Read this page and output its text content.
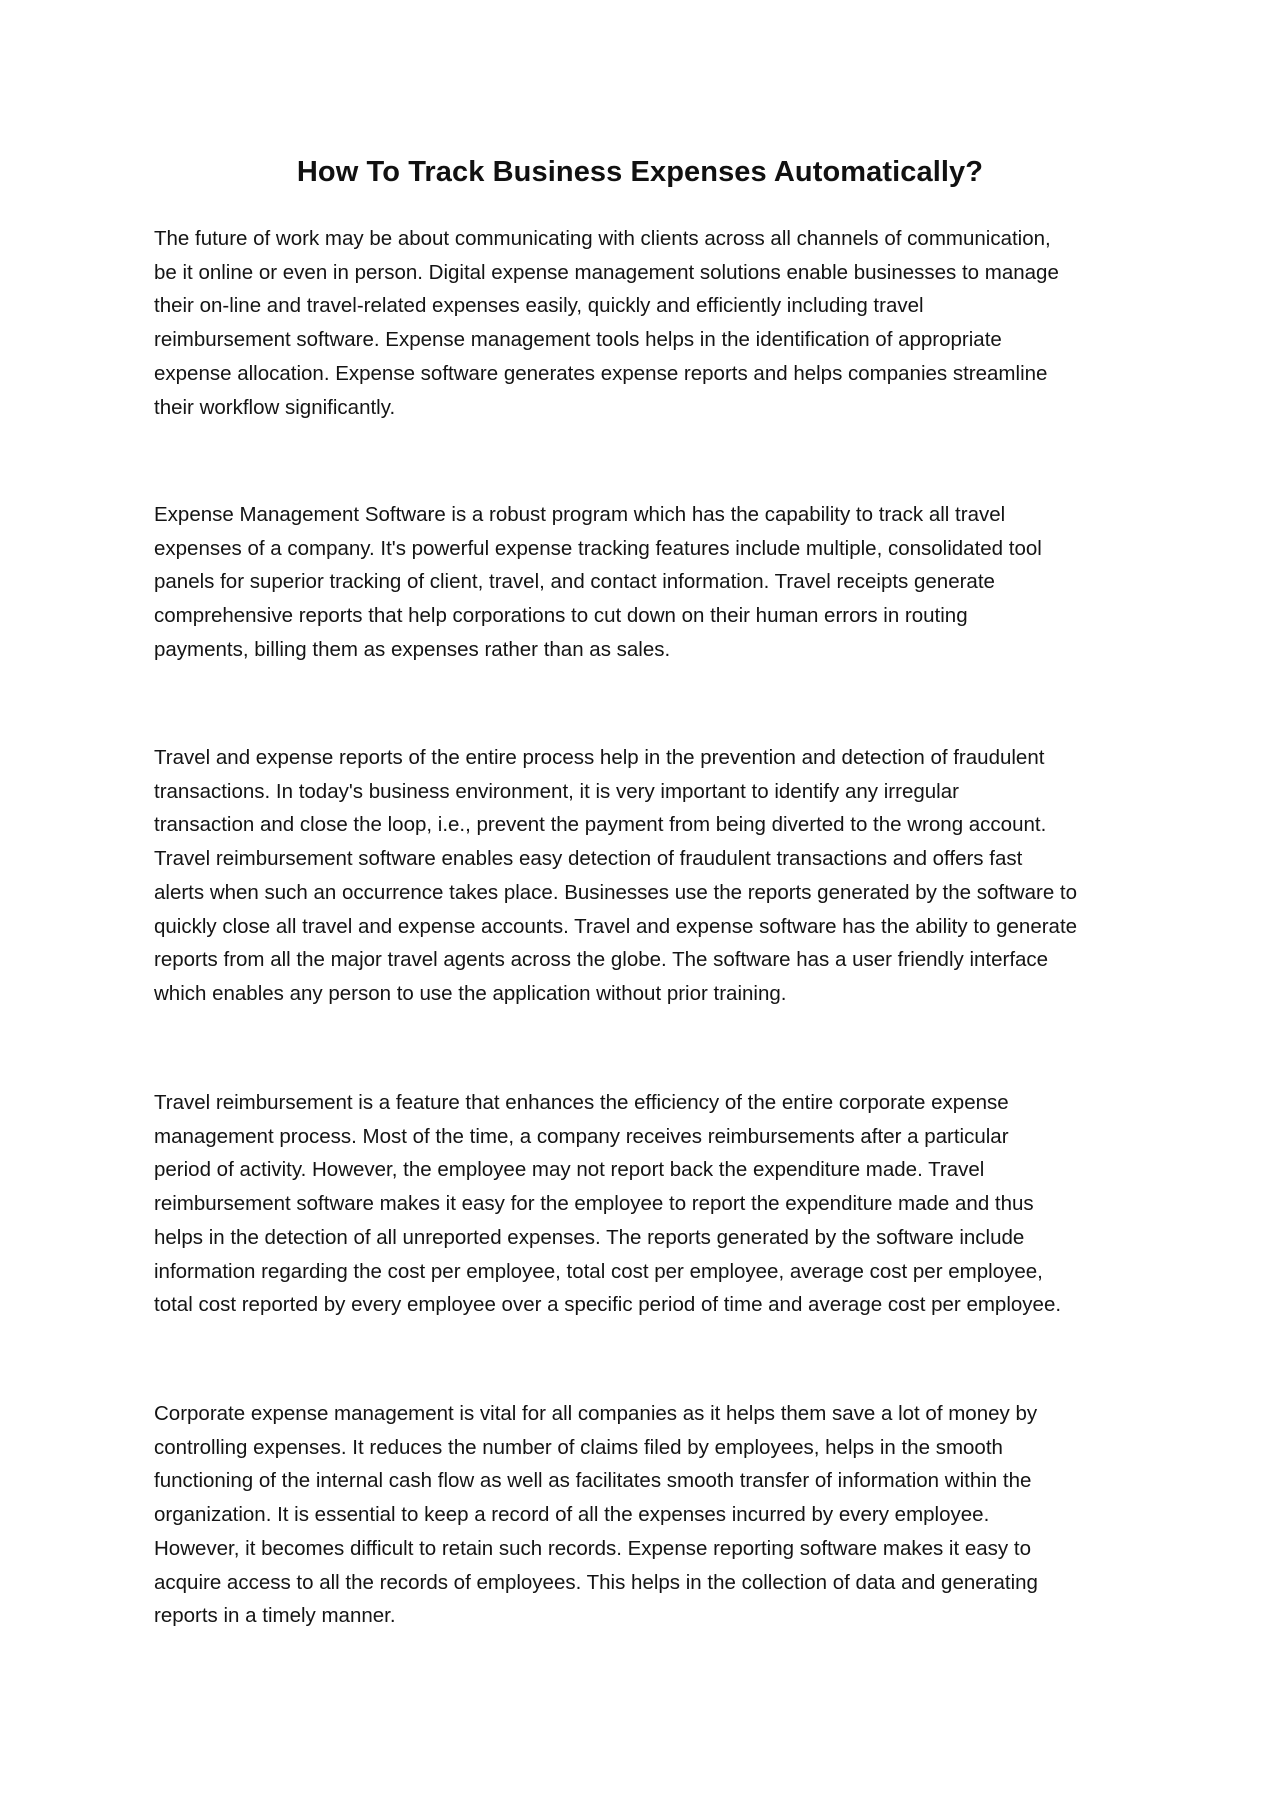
How To Track Business Expenses Automatically?

The future of work may be about communicating with clients across all channels of communication,
be it online or even in person. Digital expense management solutions enable businesses to manage
their on-line and travel-related expenses easily, quickly and efficiently including travel
reimbursement software. Expense management tools helps in the identification of appropriate
expense allocation. Expense software generates expense reports and helps companies streamline
their workflow significantly.

Expense Management Software is a robust program which has the capability to track all travel
expenses of a company. It's powerful expense tracking features include multiple, consolidated tool
panels for superior tracking of client, travel, and contact information. Travel receipts generate
comprehensive reports that help corporations to cut down on their human errors in routing
payments, billing them as expenses rather than as sales.

Travel and expense reports of the entire process help in the prevention and detection of fraudulent
transactions. In today's business environment, it is very important to identify any irregular
transaction and close the loop, i.e., prevent the payment from being diverted to the wrong account.
Travel reimbursement software enables easy detection of fraudulent transactions and offers fast
alerts when such an occurrence takes place. Businesses use the reports generated by the software to
quickly close all travel and expense accounts. Travel and expense software has the ability to generate
reports from all the major travel agents across the globe. The software has a user friendly interface
which enables any person to use the application without prior training.

Travel reimbursement is a feature that enhances the efficiency of the entire corporate expense
management process. Most of the time, a company receives reimbursements after a particular
period of activity. However, the employee may not report back the expenditure made. Travel
reimbursement software makes it easy for the employee to report the expenditure made and thus
helps in the detection of all unreported expenses. The reports generated by the software include
information regarding the cost per employee, total cost per employee, average cost per employee,
total cost reported by every employee over a specific period of time and average cost per employee.

Corporate expense management is vital for all companies as it helps them save a lot of money by
controlling expenses. It reduces the number of claims filed by employees, helps in the smooth
functioning of the internal cash flow as well as facilitates smooth transfer of information within the
organization. It is essential to keep a record of all the expenses incurred by every employee.
However, it becomes difficult to retain such records. Expense reporting software makes it easy to
acquire access to all the records of employees. This helps in the collection of data and generating
reports in a timely manner.
